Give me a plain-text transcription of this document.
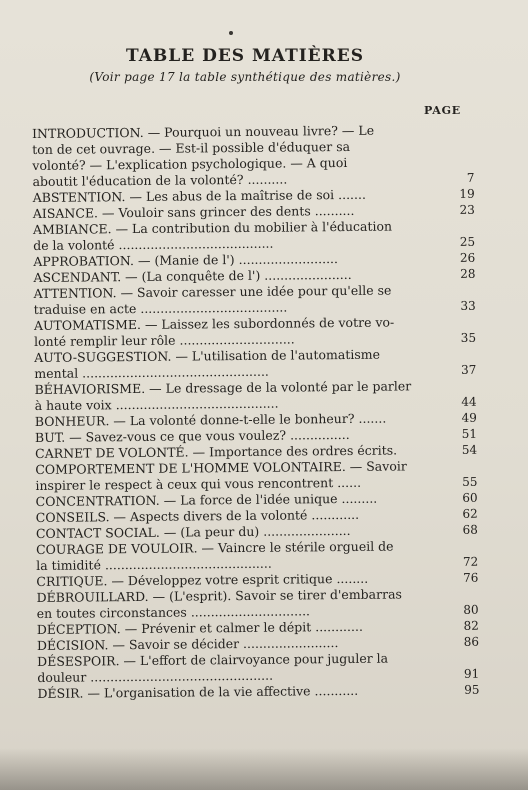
TABLE DES MATIÈRES
(Voir page 17 la table synthétique des matières.)
PAGE
INTRODUCTION. — Pourquoi un nouveau livre? — Le
ton de cet ouvrage. — Est-il possible d'éduquer sa
volonté? — L'explication psychologique. — A quoi
aboutit l'éducation de la volonté? ..........	7
ABSTENTION. — Les abus de la maîtrise de soi .......	19
AISANCE. — Vouloir sans grincer des dents ..........	23
AMBIANCE. — La contribution du mobilier à l'éducation
de la volonté .......................................	25
APPROBATION. — (Manie de l') .........................	26
ASCENDANT. — (La conquête de l') ......................	28
ATTENTION. — Savoir caresser une idée pour qu'elle se
traduise en acte .....................................	33
AUTOMATISME. — Laissez les subordonnés de votre vo-
lonté remplir leur rôle .............................	35
AUTO-SUGGESTION. — L'utilisation de l'automatisme
mental ...............................................	37
BÉHAVIORISME. — Le dressage de la volonté par le parler
à haute voix .........................................	44
BONHEUR. — La volonté donne-t-elle le bonheur? .......	49
BUT. — Savez-vous ce que vous voulez? ...............	51
CARNET DE VOLONTÉ. — Importance des ordres écrits.	54
COMPORTEMENT DE L'HOMME VOLONTAIRE. — Savoir
inspirer le respect à ceux qui vous rencontrent ......	55
CONCENTRATION. — La force de l'idée unique .........	60
CONSEILS. — Aspects divers de la volonté ............	62
CONTACT SOCIAL. — (La peur du) ......................	68
COURAGE DE VOULOIR. — Vaincre le stérile orgueil de
la timidité ..........................................	72
CRITIQUE. — Développez votre esprit critique ........	76
DÉBROUILLARD. — (L'esprit). Savoir se tirer d'embarras
en toutes circonstances ..............................	80
DÉCEPTION. — Prévenir et calmer le dépit ............	82
DÉCISION. — Savoir se décider ........................	86
DÉSESPOIR. — L'effort de clairvoyance pour juguler la
douleur ..............................................	91
DÉSIR. — L'organisation de la vie affective ...........	95
